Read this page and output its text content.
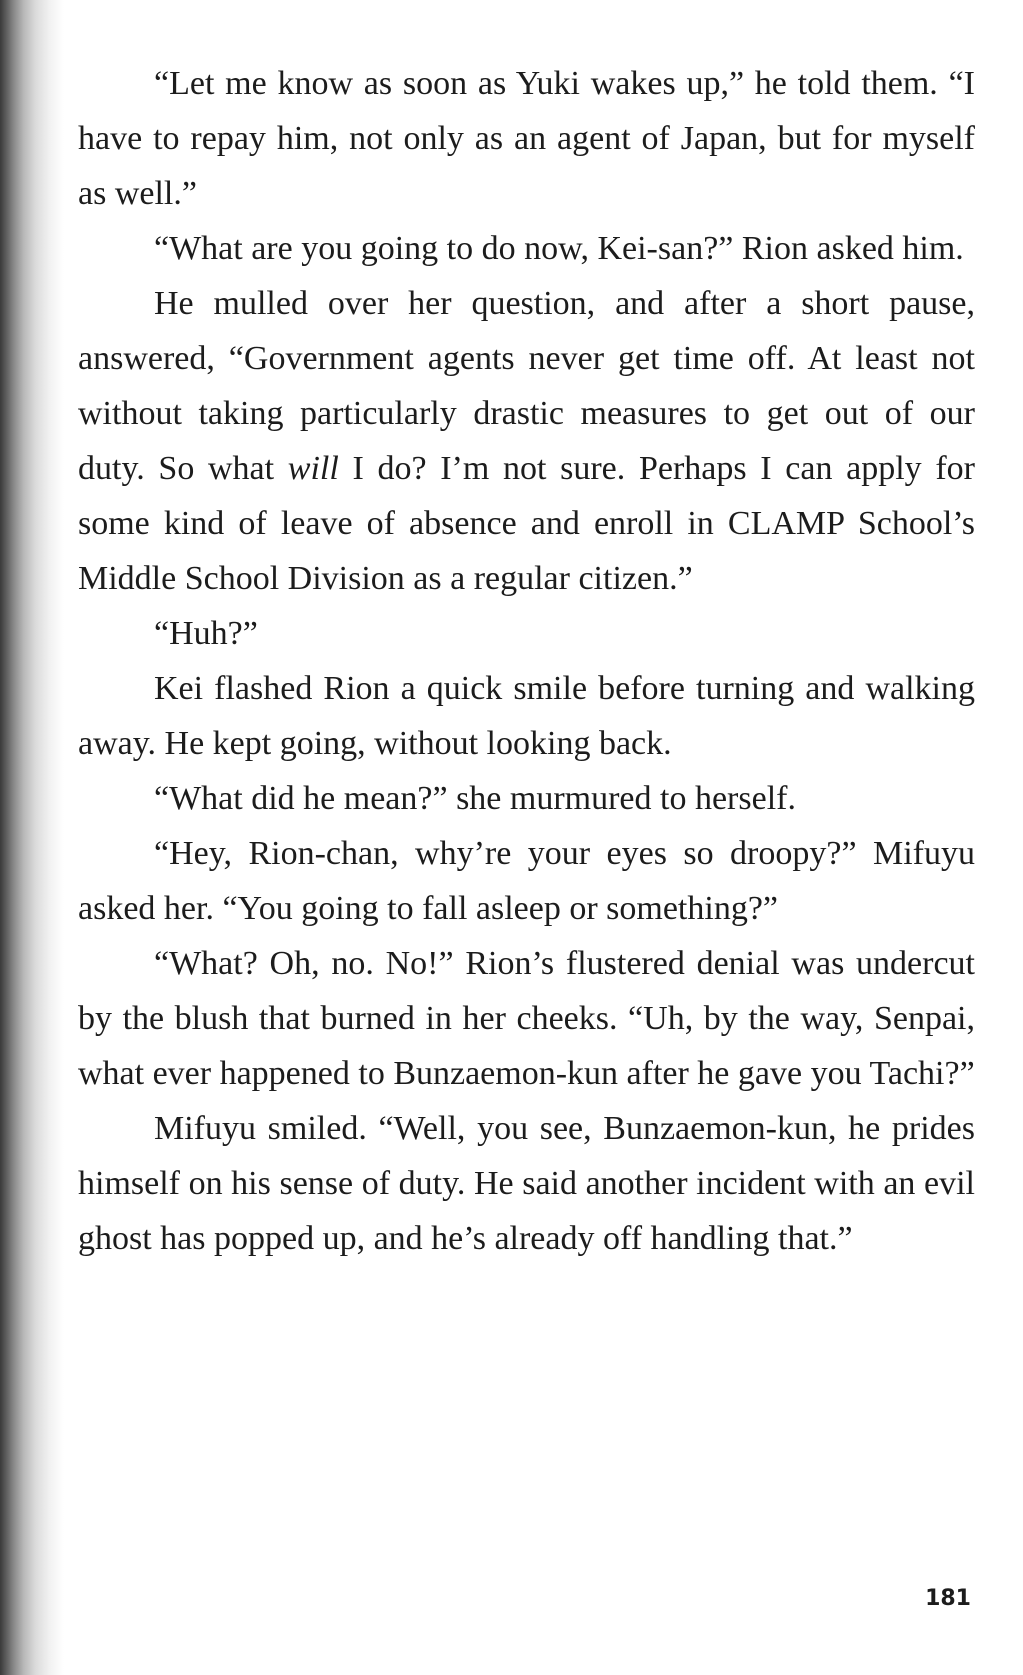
“Let me know as soon as Yuki wakes up,” he told them. “I have to repay him, not only as an agent of Japan, but for myself as well.”

“What are you going to do now, Kei-san?” Rion asked him.

He mulled over her question, and after a short pause, answered, “Government agents never get time off. At least not without taking particularly drastic measures to get out of our duty. So what will I do? I’m not sure. Perhaps I can apply for some kind of leave of absence and enroll in CLAMP School’s Middle School Division as a regular citizen.”

“Huh?”

Kei flashed Rion a quick smile before turning and walking away. He kept going, without looking back.

“What did he mean?” she murmured to herself.

“Hey, Rion-chan, why’re your eyes so droopy?” Mifuyu asked her. “You going to fall asleep or something?”

“What? Oh, no. No!” Rion’s flustered denial was undercut by the blush that burned in her cheeks. “Uh, by the way, Senpai, what ever happened to Bunzaemon-kun after he gave you Tachi?”

Mifuyu smiled. “Well, you see, Bunzaemon-kun, he prides himself on his sense of duty. He said another incident with an evil ghost has popped up, and he’s already off handling that.”

181
